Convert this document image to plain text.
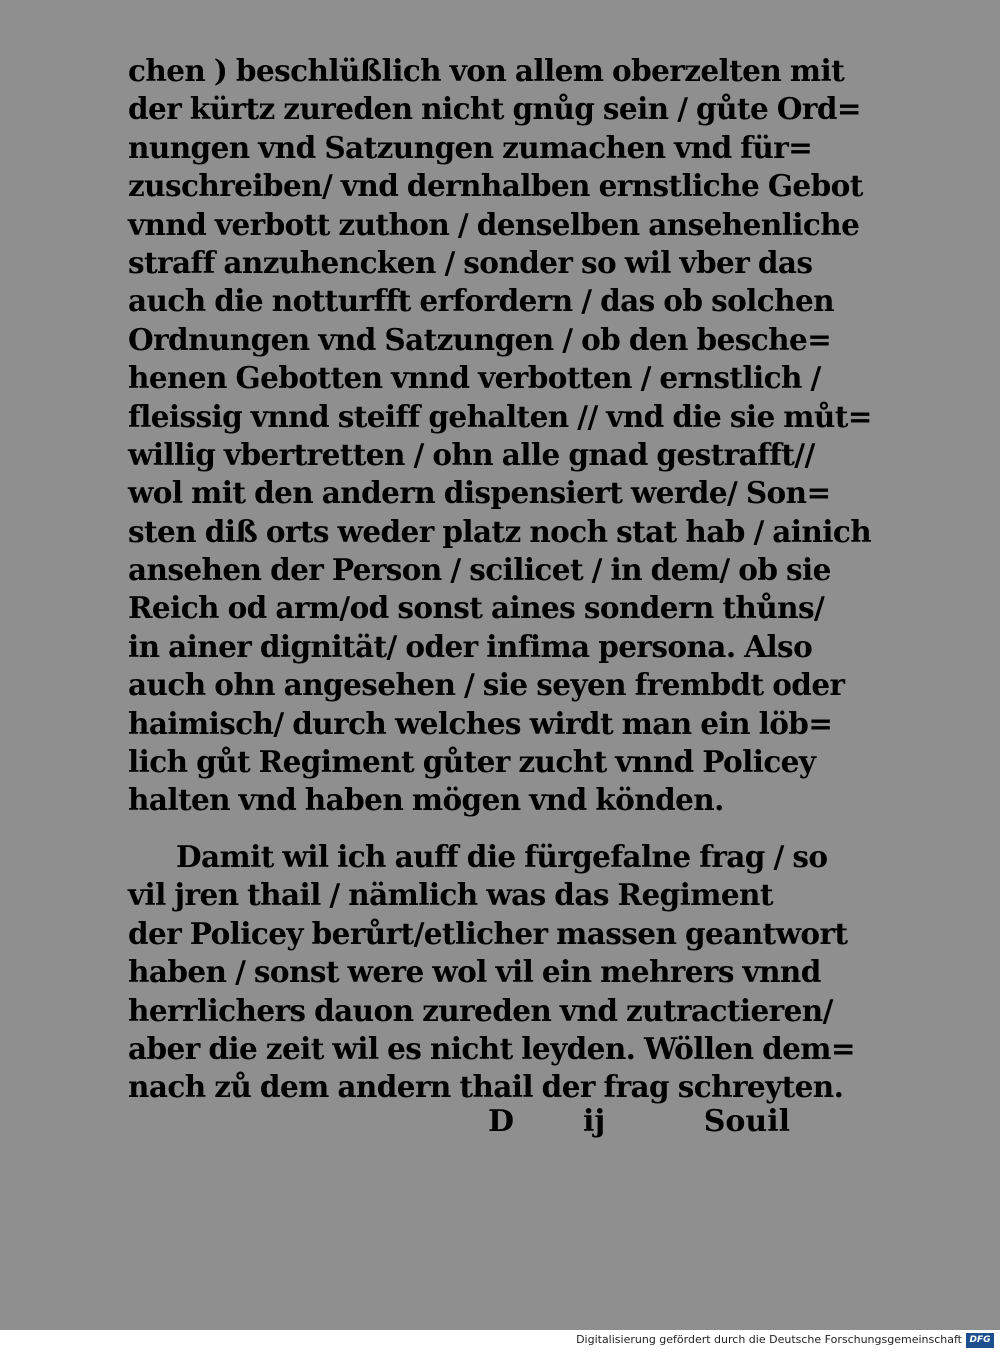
chen ) beschlüßlich von allem oberzelten mit
der kürtz zureden nicht gnůg sein / gůte Ord=
nungen vnd Satzungen zumachen vnd für=
zuschreiben/ vnd dernhalben ernstliche Gebot
vnnd verbott zuthon / denselben ansehenliche
straff anzuhencken / sonder so wil vber das
auch die notturfft erfordern / das ob solchen
Ordnungen vnd Satzungen / ob den besche=
henen Gebotten vnnd verbotten / ernstlich /
fleissig vnnd steiff gehalten // vnd die sie můt=
willig vbertretten / ohn alle gnad gestrafft//
wol mit den andern dispensiert werde/ Son=
sten diß orts weder platz noch stat hab / ainich
ansehen der Person / scilicet / in dem/ ob sie
Reich od arm/od sonst aines sondern thůns/
in ainer dignität/ oder infima persona. Also
auch ohn angesehen / sie seyen frembdt oder
haimisch/ durch welches wirdt man ein löb=
lich gůt Regiment gůter zucht vnnd Policey
halten vnd haben mögen vnd könden.
Damit wil ich auff die fürgefalne frag / so
vil jren thail / nämlich was das Regiment
der Policey berůrt/etlicher massen geantwort
haben / sonst were wol vil ein mehrers vnnd
herrlichers dauon zureden vnd zutractieren/
aber die zeit wil es nicht leyden. Wöllen dem=
nach zů dem andern thail der frag schreyten.
D ij	Souil
Digitalisierung gefördert durch die Deutsche Forschungsgemeinschaft DFG
